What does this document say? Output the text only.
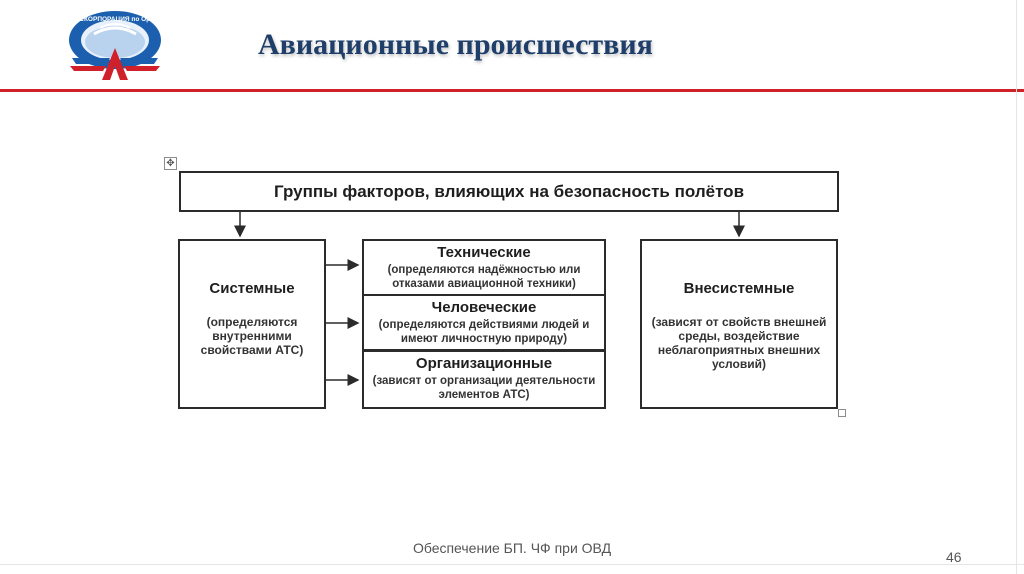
ГОСКОРПОРАЦИЯ по ОрВД
Авиационные происшествия
✥
Группы факторов, влияющих на безопасность полётов
Системные
(определяются внутренними свойствами АТС)
Технические
(определяются надёжностью или отказами авиационной техники)
Человеческие
(определяются действиями людей и имеют личностную природу)
Организационные
(зависят от организации деятельности элементов АТС)
Внесистемные
(зависят от свойств внешней среды, воздействие неблагоприятных внешних условий)
Обеспечение БП. ЧФ при ОВД
46
